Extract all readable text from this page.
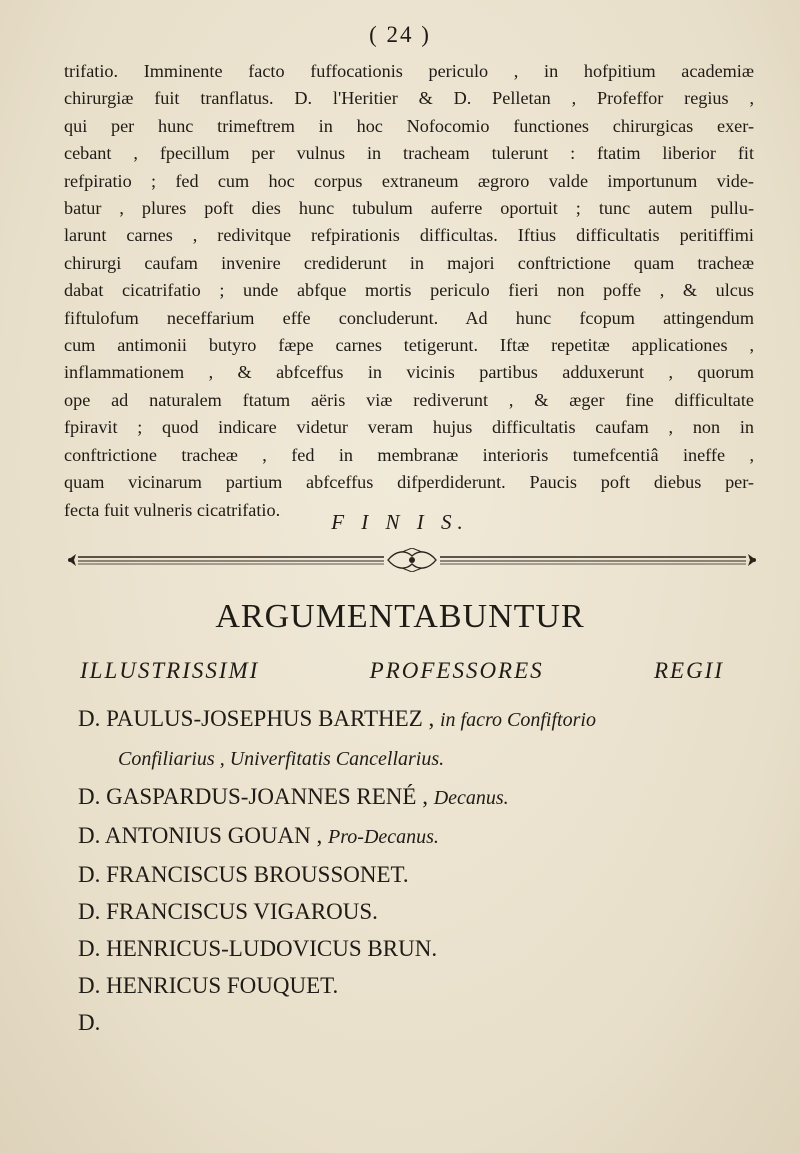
( 24 )
trifatio. Imminente facto fuffocationis periculo , in hofpitium academiæ
chirurgiæ fuit tranflatus. D. l'Heritier & D. Pelletan , Profeffor regius ,
qui per hunc trimeftrem in hoc Nofocomio functiones chirurgicas exer-
cebant , fpecillum per vulnus in tracheam tulerunt : ftatim liberior fit
refpiratio ; fed cum hoc corpus extraneum ægroro valde importunum vide-
batur , plures poft dies hunc tubulum auferre oportuit ; tunc autem pullu-
larunt carnes , redivitque refpirationis difficultas. Iftius difficultatis peritiffimi
chirurgi caufam invenire crediderunt in majori conftrictione quam tracheæ
dabat cicatrifatio ; unde abfque mortis periculo fieri non poffe , & ulcus
fiftulofum neceffarium effe concluderunt. Ad hunc fcopum attingendum
cum antimonii butyro fæpe carnes tetigerunt. Iftæ repetitæ applicationes ,
inflammationem , & abfceffus in vicinis partibus adduxerunt , quorum
ope ad naturalem ftatum aëris viæ rediverunt , & æger fine difficultate
fpiravit ; quod indicare videtur veram hujus difficultatis caufam , non in
conftrictione tracheæ , fed in membranæ interioris tumefcentiâ ineffe ,
quam vicinarum partium abfceffus difperdiderunt. Paucis poft diebus per-
fecta fuit vulneris cicatrifatio.
F I N I S.
ARGUMENTABUNTUR
ILLUSTRISSIMI PROFESSORES REGII
D. PAULUS-JOSEPHUS BARTHEZ , in facro Confiftorio
Confiliarius , Univerfitatis Cancellarius.
D. GASPARDUS-JOANNES RENÉ , Decanus.
D. ANTONIUS GOUAN , Pro-Decanus.
D. FRANCISCUS BROUSSONET.
D. FRANCISCUS VIGAROUS.
D. HENRICUS-LUDOVICUS BRUN.
D. HENRICUS FOUQUET.
D.
